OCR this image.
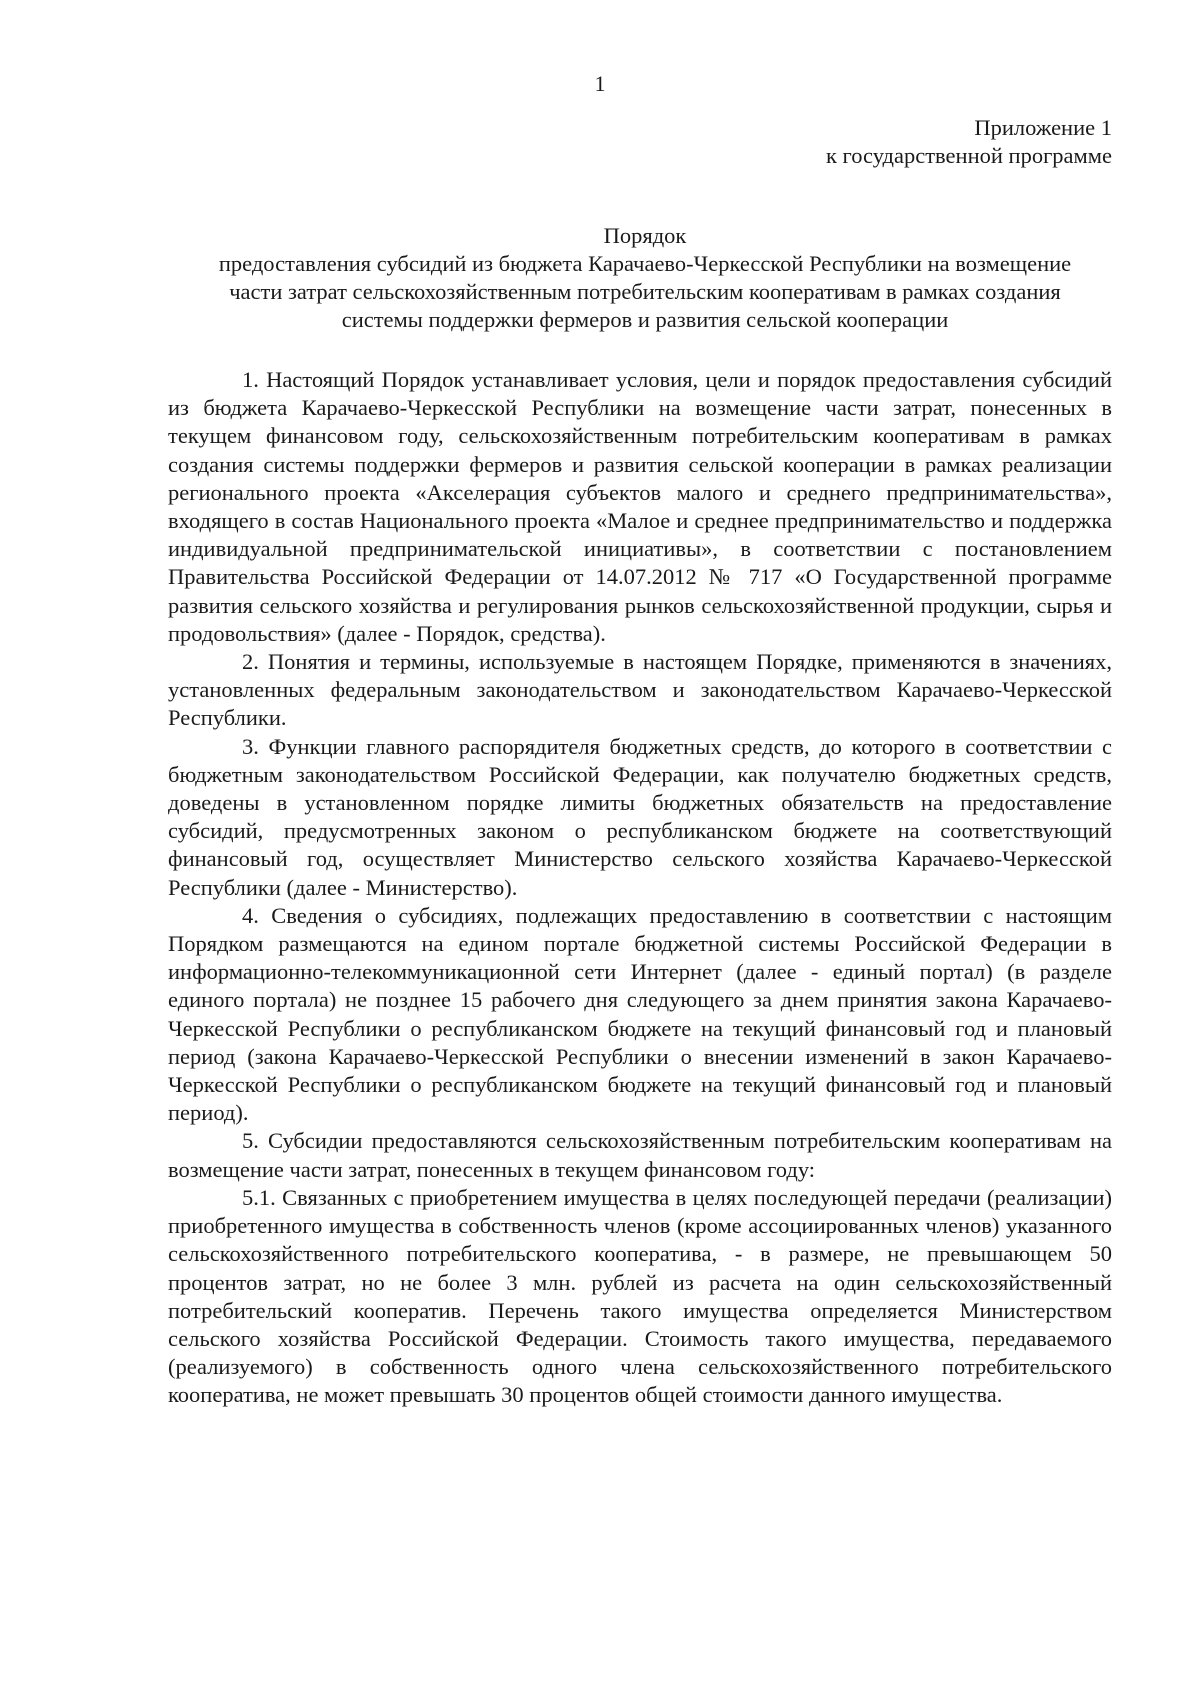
1
Приложение 1
к государственной программе
Порядок
предоставления субсидий из бюджета Карачаево-Черкесской Республики на возмещение
части затрат сельскохозяйственным потребительским кооперативам в рамках создания
системы поддержки фермеров и развития сельской кооперации

1. Настоящий Порядок устанавливает условия, цели и порядок предоставления субсидий из бюджета Карачаево-Черкесской Республики на возмещение части затрат, понесенных в текущем финансовом году, сельскохозяйственным потребительским кооперативам в рамках создания системы поддержки фермеров и развития сельской кооперации в рамках реализации регионального проекта «Акселерация субъектов малого и среднего предпринимательства», входящего в состав Национального проекта «Малое и среднее предпринимательство и поддержка индивидуальной предпринимательской инициативы», в соответствии с постановлением Правительства Российской Федерации от 14.07.2012 № 717 «О Государственной программе развития сельского хозяйства и регулирования рынков сельскохозяйственной продукции, сырья и продовольствия» (далее - Порядок, средства).

2. Понятия и термины, используемые в настоящем Порядке, применяются в значениях, установленных федеральным законодательством и законодательством Карачаево-Черкесской Республики.

3. Функции главного распорядителя бюджетных средств, до которого в соответствии с бюджетным законодательством Российской Федерации, как получателю бюджетных средств, доведены в установленном порядке лимиты бюджетных обязательств на предоставление субсидий, предусмотренных законом о республиканском бюджете на соответствующий финансовый год, осуществляет Министерство сельского хозяйства Карачаево-Черкесской Республики (далее - Министерство).

4. Сведения о субсидиях, подлежащих предоставлению в соответствии с настоящим Порядком размещаются на едином портале бюджетной системы Российской Федерации в информационно-телекоммуникационной сети Интернет (далее - единый портал) (в разделе единого портала) не позднее 15 рабочего дня следующего за днем принятия закона Карачаево-Черкесской Республики о республиканском бюджете на текущий финансовый год и плановый период (закона Карачаево-Черкесской Республики о внесении изменений в закон Карачаево-Черкесской Республики о республиканском бюджете на текущий финансовый год и плановый период).

5. Субсидии предоставляются сельскохозяйственным потребительским кооперативам на возмещение части затрат, понесенных в текущем финансовом году:

5.1. Связанных с приобретением имущества в целях последующей передачи (реализации) приобретенного имущества в собственность членов (кроме ассоциированных членов) указанного сельскохозяйственного потребительского кооператива, - в размере, не превышающем 50 процентов затрат, но не более 3 млн. рублей из расчета на один сельскохозяйственный потребительский кооператив. Перечень такого имущества определяется Министерством сельского хозяйства Российской Федерации. Стоимость такого имущества, передаваемого (реализуемого) в собственность одного члена сельскохозяйственного потребительского кооператива, не может превышать 30 процентов общей стоимости данного имущества.
